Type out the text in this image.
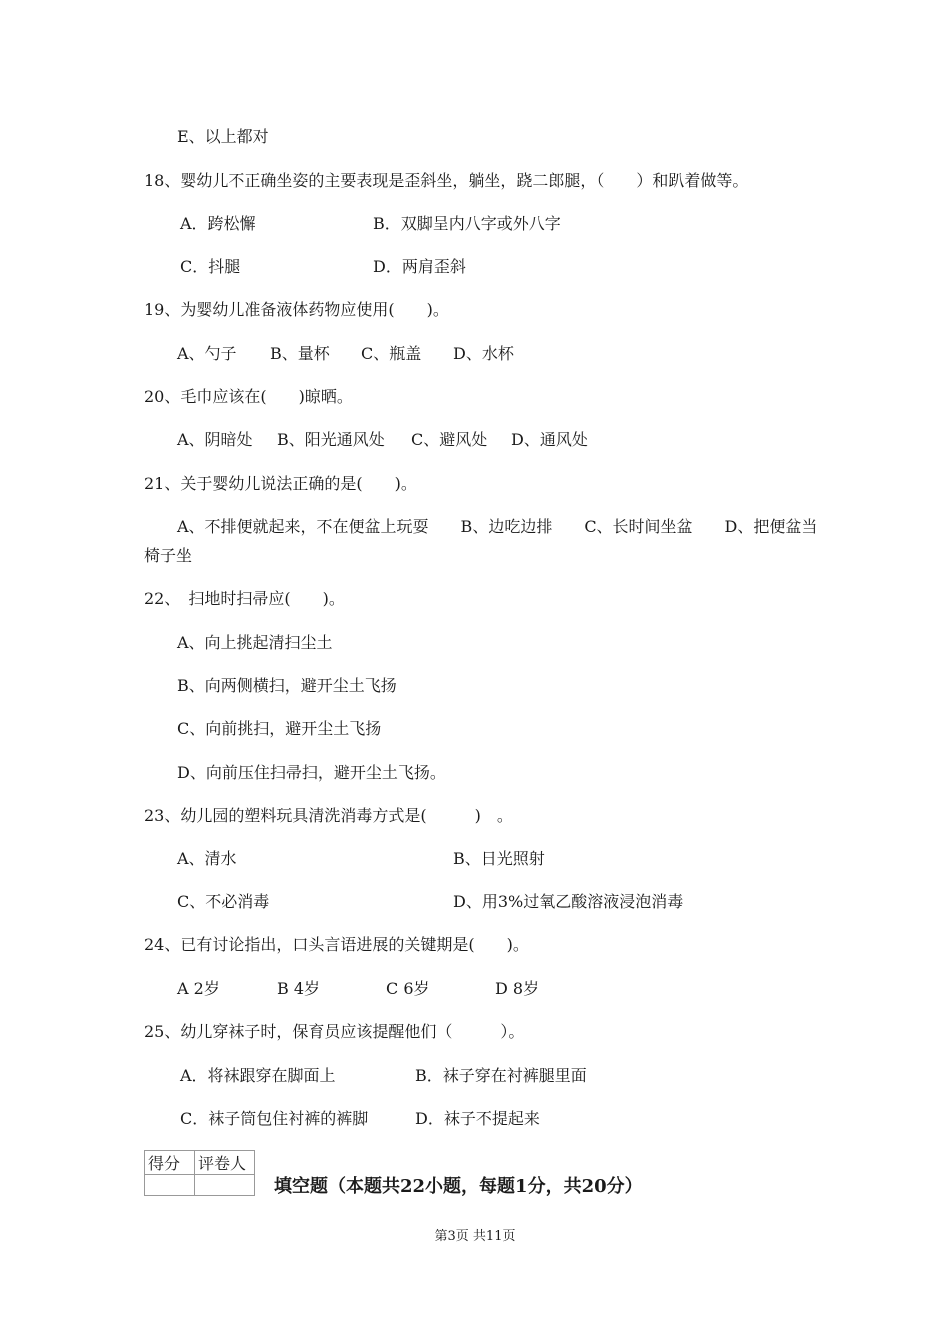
E、以上都对
18、婴幼儿不正确坐姿的主要表现是歪斜坐，躺坐，跷二郎腿，（　　）和趴着做等。
A．跨松懈	B．双脚呈内八字或外八字
C．抖腿	D．两肩歪斜
19、为婴幼儿准备液体药物应使用(　　)。
A、勺子 B、量杯 C、瓶盖 D、水杯
20、毛巾应该在(　　)晾晒。
A、阴暗处 B、阳光通风处 C、避风处 D、通风处
21、关于婴幼儿说法正确的是(　　)。
A、不排便就起来，不在便盆上玩耍　　B、边吃边排　　C、长时间坐盆　　D、把便盆当
椅子坐
22、　扫地时扫帚应(　　)。
A、向上挑起清扫尘土
B、向两侧横扫，避开尘土飞扬
C、向前挑扫，避开尘土飞扬
D、向前压住扫帚扫，避开尘土飞扬。
23、幼儿园的塑料玩具清洗消毒方式是(　　　)　。
A、清水	B、日光照射
C、不必消毒	D、用3%过氧乙酸溶液浸泡消毒
24、已有讨论指出，口头言语进展的关键期是(　　)。
A 2岁	B 4岁	C 6岁	D 8岁
25、幼儿穿袜子时，保育员应该提醒他们（　　　）。
A．将袜跟穿在脚面上	B．袜子穿在衬裤腿里面
C．袜子筒包住衬裤的裤脚	D．袜子不提起来
得分	评卷人

填空题（本题共22小题，每题1分，共20分）
第3页 共11页
